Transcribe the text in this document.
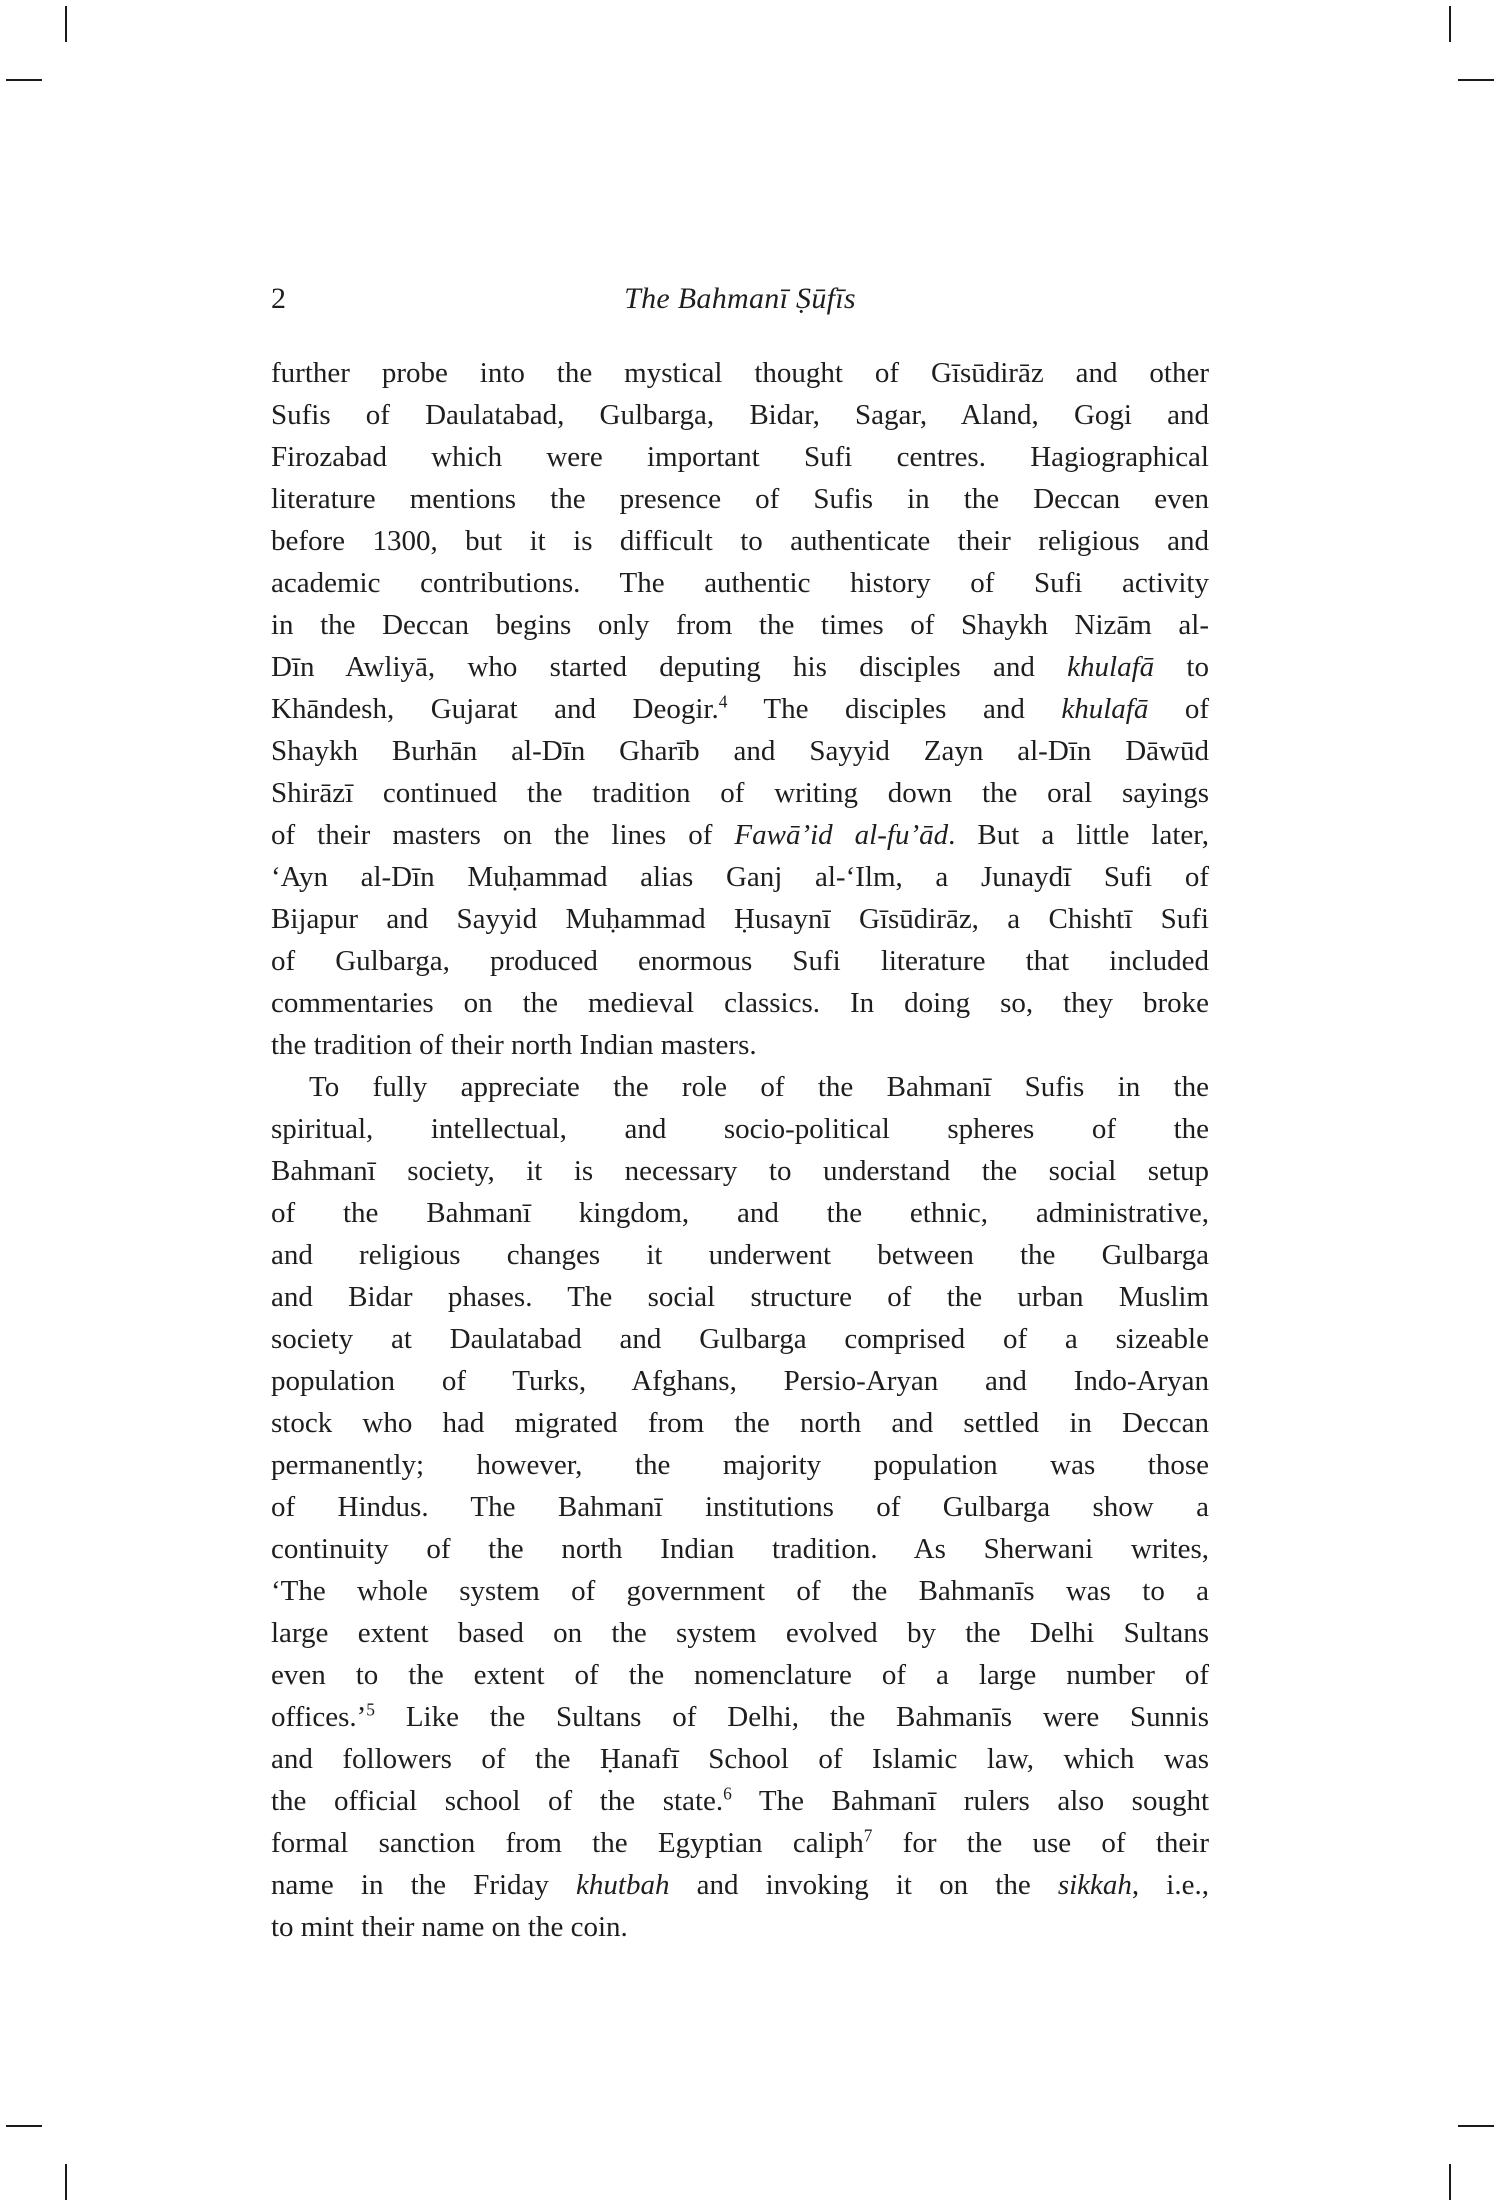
2	The Bahmanī Ṣūfīs
further probe into the mystical thought of Gīsūdirāz and other
Sufis of Daulatabad, Gulbarga, Bidar, Sagar, Aland, Gogi and
Firozabad which were important Sufi centres. Hagiographical
literature mentions the presence of Sufis in the Deccan even
before 1300, but it is difficult to authenticate their religious and
academic contributions. The authentic history of Sufi activity
in the Deccan begins only from the times of Shaykh Nizām al-
Dīn Awliyā, who started deputing his disciples and khulafā to
Khāndesh, Gujarat and Deogir.$^4$ The disciples and khulafā of
Shaykh Burhān al-Dīn Gharīb and Sayyid Zayn al-Dīn Dāwūd
Shirāzī continued the tradition of writing down the oral sayings
of their masters on the lines of Fawā’id al-fu’ād. But a little later,
‘Ayn al-Dīn Muḥammad alias Ganj al-‘Ilm, a Junaydī Sufi of
Bijapur and Sayyid Muḥammad Ḥusaynī Gīsūdirāz, a Chishtī Sufi
of Gulbarga, produced enormous Sufi literature that included
commentaries on the medieval classics. In doing so, they broke
the tradition of their north Indian masters.
To fully appreciate the role of the Bahmanī Sufis in the
spiritual, intellectual, and socio-political spheres of the
Bahmanī society, it is necessary to understand the social setup
of the Bahmanī kingdom, and the ethnic, administrative,
and religious changes it underwent between the Gulbarga
and Bidar phases. The social structure of the urban Muslim
society at Daulatabad and Gulbarga comprised of a sizeable
population of Turks, Afghans, Persio-Aryan and Indo-Aryan
stock who had migrated from the north and settled in Deccan
permanently; however, the majority population was those
of Hindus. The Bahmanī institutions of Gulbarga show a
continuity of the north Indian tradition. As Sherwani writes,
‘The whole system of government of the Bahmanīs was to a
large extent based on the system evolved by the Delhi Sultans
even to the extent of the nomenclature of a large number of
offices.’$^5$ Like the Sultans of Delhi, the Bahmanīs were Sunnis
and followers of the Ḥanafī School of Islamic law, which was
the official school of the state.$^6$ The Bahmanī rulers also sought
formal sanction from the Egyptian caliph$^7$ for the use of their
name in the Friday khutbah and invoking it on the sikkah, i.e.,
to mint their name on the coin.
